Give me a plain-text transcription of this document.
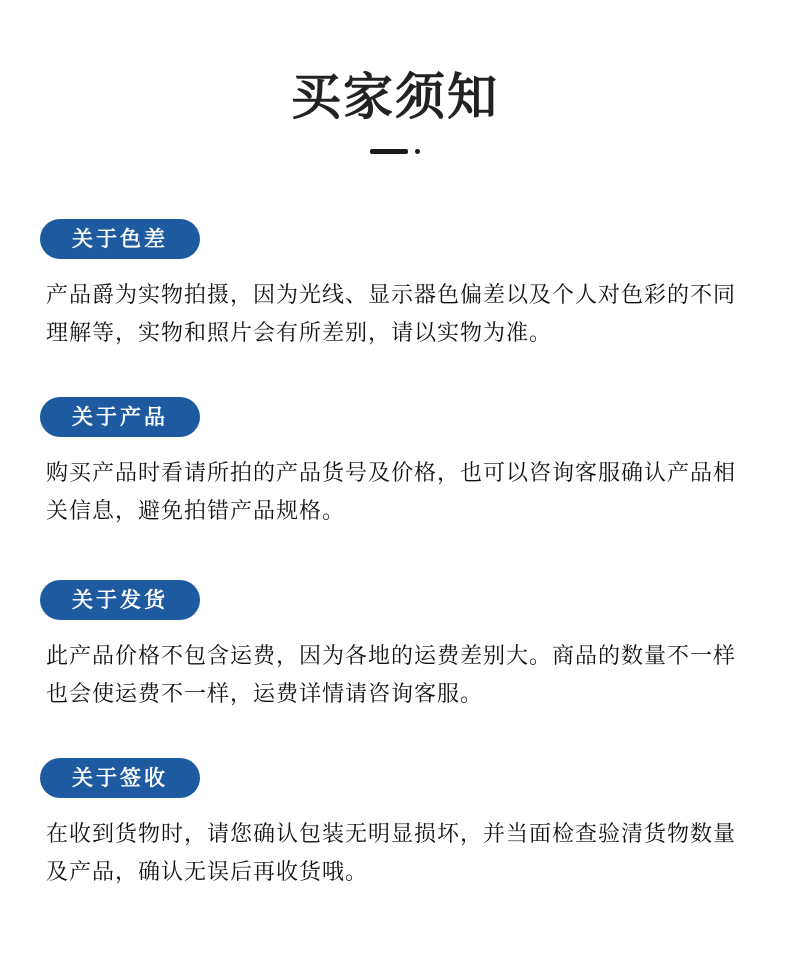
买家须知
关于色差
产品爵为实物拍摄，因为光线、显示器色偏差以及个人对色彩的不同理解等，实物和照片会有所差别，请以实物为准。
关于产品
购买产品时看请所拍的产品货号及价格，也可以咨询客服确认产品相关信息，避免拍错产品规格。
关于发货
此产品价格不包含运费，因为各地的运费差别大。商品的数量不一样也会使运费不一样，运费详情请咨询客服。
关于签收
在收到货物时，请您确认包装无明显损坏，并当面检查验清货物数量及产品，确认无误后再收货哦。
